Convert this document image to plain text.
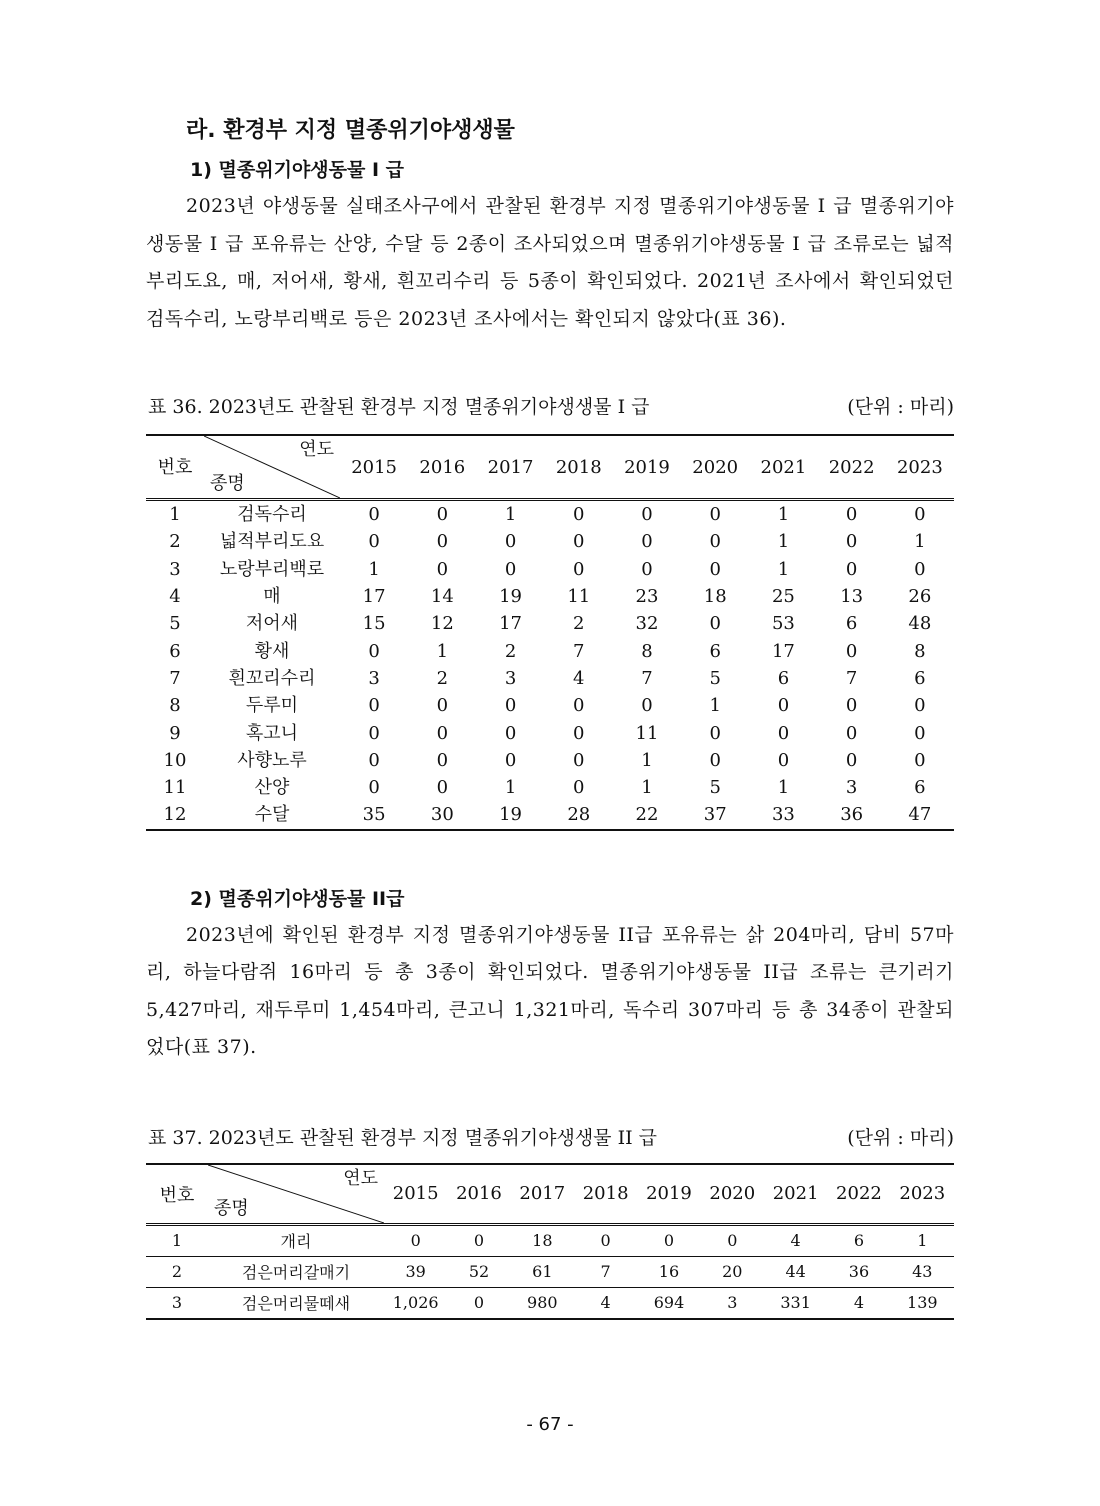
라. 환경부 지정 멸종위기야생생물
1) 멸종위기야생동물 I 급

2023년 야생동물 실태조사구에서 관찰된 환경부 지정 멸종위기야생동물 I 급 멸종위기야생동물 I 급 포유류는 산양, 수달 등 2종이 조사되었으며 멸종위기야생동물 I 급 조류로는 넓적부리도요, 매, 저어새, 황새, 흰꼬리수리 등 5종이 확인되었다. 2021년 조사에서 확인되었던 검독수리, 노랑부리백로 등은 2023년 조사에서는 확인되지 않았다(표 36).

표 36. 2023년도 관찰된 환경부 지정 멸종위기야생생물 I 급	(단위 : 마리)
번호	연도
종명	2015	2016	2017	2018	2019	2020	2021	2022	2023
1	검독수리	0	0	1	0	0	0	1	0	0
2	넓적부리도요	0	0	0	0	0	0	1	0	1
3	노랑부리백로	1	0	0	0	0	0	1	0	0
4	매	17	14	19	11	23	18	25	13	26
5	저어새	15	12	17	2	32	0	53	6	48
6	황새	0	1	2	7	8	6	17	0	8
7	흰꼬리수리	3	2	3	4	7	5	6	7	6
8	두루미	0	0	0	0	0	1	0	0	0
9	혹고니	0	0	0	0	11	0	0	0	0
10	사향노루	0	0	0	0	1	0	0	0	0
11	산양	0	0	1	0	1	5	1	3	6
12	수달	35	30	19	28	22	37	33	36	47
2) 멸종위기야생동물 II급

2023년에 확인된 환경부 지정 멸종위기야생동물 II급 포유류는 삵 204마리, 담비 57마리, 하늘다람쥐 16마리 등 총 3종이 확인되었다. 멸종위기야생동물 II급 조류는 큰기러기 5,427마리, 재두루미 1,454마리, 큰고니 1,321마리, 독수리 307마리 등 총 34종이 관찰되었다(표 37).

표 37. 2023년도 관찰된 환경부 지정 멸종위기야생생물 II 급	(단위 : 마리)
번호	연도
종명	2015	2016	2017	2018	2019	2020	2021	2022	2023
1	개리	0	0	18	0	0	0	4	6	1
2	검은머리갈매기	39	52	61	7	16	20	44	36	43
3	검은머리물떼새	1,026	0	980	4	694	3	331	4	139
- 67 -
